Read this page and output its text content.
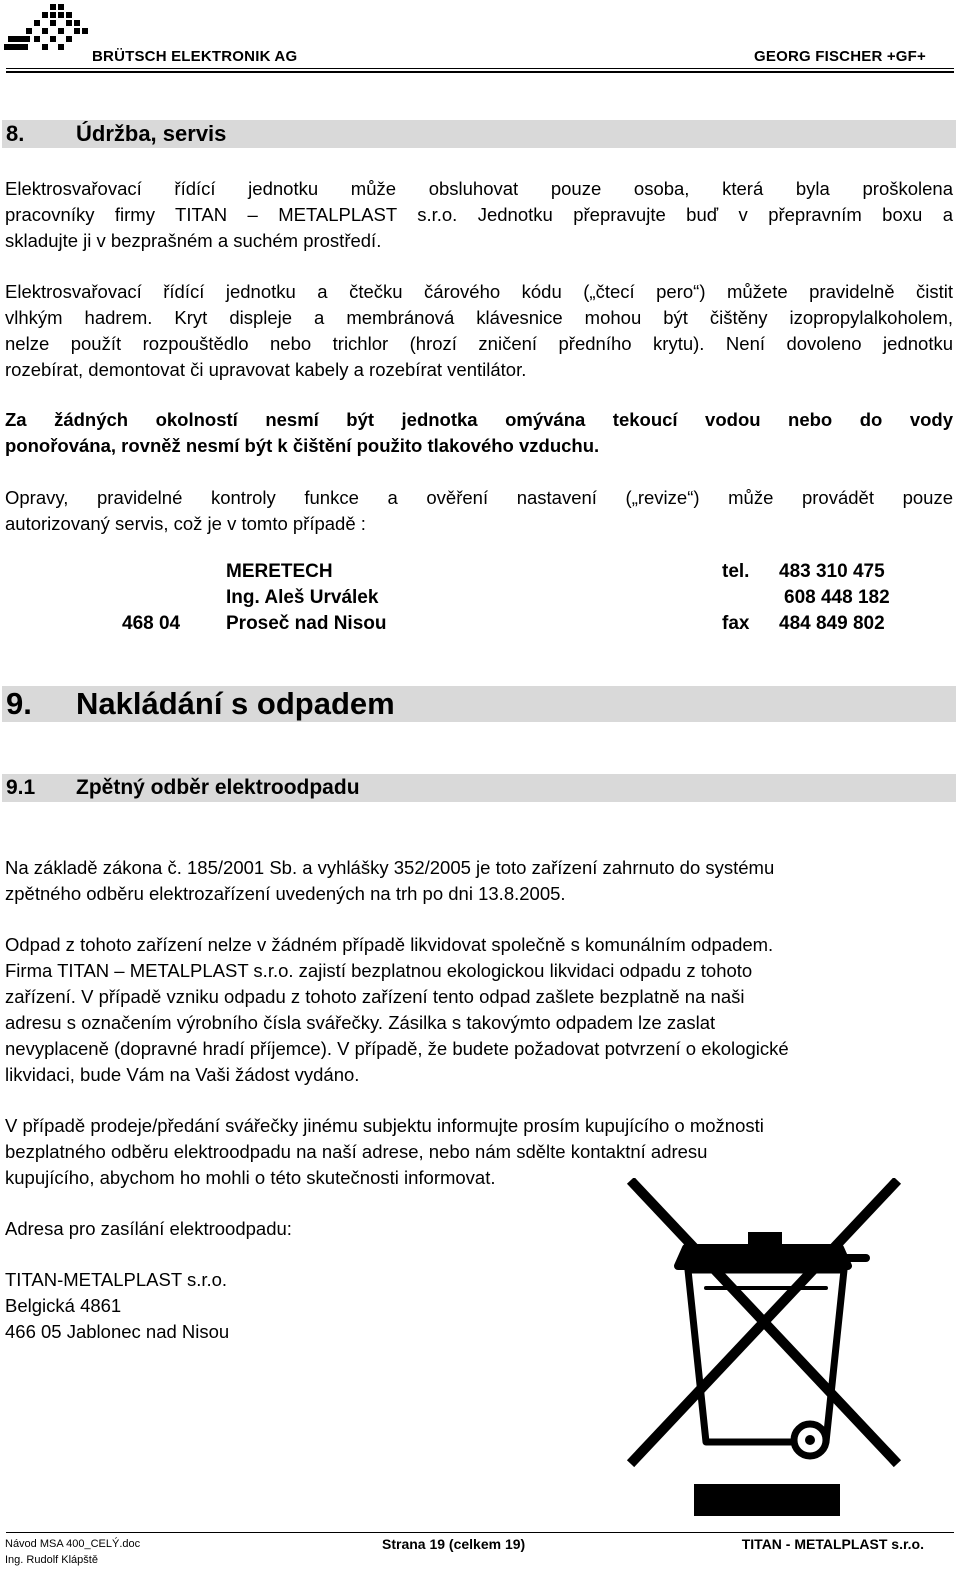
BRÜTSCH ELEKTRONIK AG	GEORG FISCHER +GF+
8. Údržba, servis
Elektrosvařovací řídící jednotku může obsluhovat pouze osoba, která byla proškolena
pracovníky firmy TITAN – METALPLAST s.r.o. Jednotku přepravujte buď v přepravním boxu a
skladujte ji v bezprašném a suchém prostředí.
Elektrosvařovací řídící jednotku a čtečku čárového kódu („čtecí pero“) můžete pravidelně čistit
vlhkým hadrem. Kryt displeje a membránová klávesnice mohou být čištěny izopropylalkoholem,
nelze použít rozpouštědlo nebo trichlor (hrozí zničení předního krytu). Není dovoleno jednotku
rozebírat, demontovat či upravovat kabely a rozebírat ventilátor.
Za žádných okolností nesmí být jednotka omývána tekoucí vodou nebo do vody
ponořována, rovněž nesmí být k čištění použito tlakového vzduchu.
Opravy, pravidelné kontroly funkce a ověření nastavení („revize“) může provádět pouze
autorizovaný servis, což je v tomto případě :
MERETECH	tel. 483 310 475
Ing. Aleš Urválek	608 448 182
468 04 Proseč nad Nisou	fax 484 849 802
9. Nakládání s odpadem
9.1 Zpětný odběr elektroodpadu
Na základě zákona č. 185/2001 Sb. a vyhlášky 352/2005 je toto zařízení zahrnuto do systému
zpětného odběru elektrozařízení uvedených na trh po dni 13.8.2005.
Odpad z tohoto zařízení nelze v žádném případě likvidovat společně s komunálním odpadem.
Firma TITAN – METALPLAST s.r.o. zajistí bezplatnou ekologickou likvidaci odpadu z tohoto
zařízení. V případě vzniku odpadu z tohoto zařízení tento odpad zašlete bezplatně na naši
adresu s označením výrobního čísla svářečky. Zásilka s takovýmto odpadem lze zaslat
nevyplaceně (dopravné hradí příjemce). V případě, že budete požadovat potvrzení o ekologické
likvidaci, bude Vám na Vaši žádost vydáno.
V případě prodeje/předání svářečky jinému subjektu informujte prosím kupujícího o možnosti
bezplatného odběru elektroodpadu na naší adrese, nebo nám sdělte kontaktní adresu
kupujícího, abychom ho mohli o této skutečnosti informovat.
Adresa pro zasílání elektroodpadu:
TITAN-METALPLAST s.r.o.
Belgická 4861
466 05 Jablonec nad Nisou
Návod MSA 400_CELÝ.doc
Ing. Rudolf Klápště
Strana 19 (celkem 19)	TITAN - METALPLAST s.r.o.
